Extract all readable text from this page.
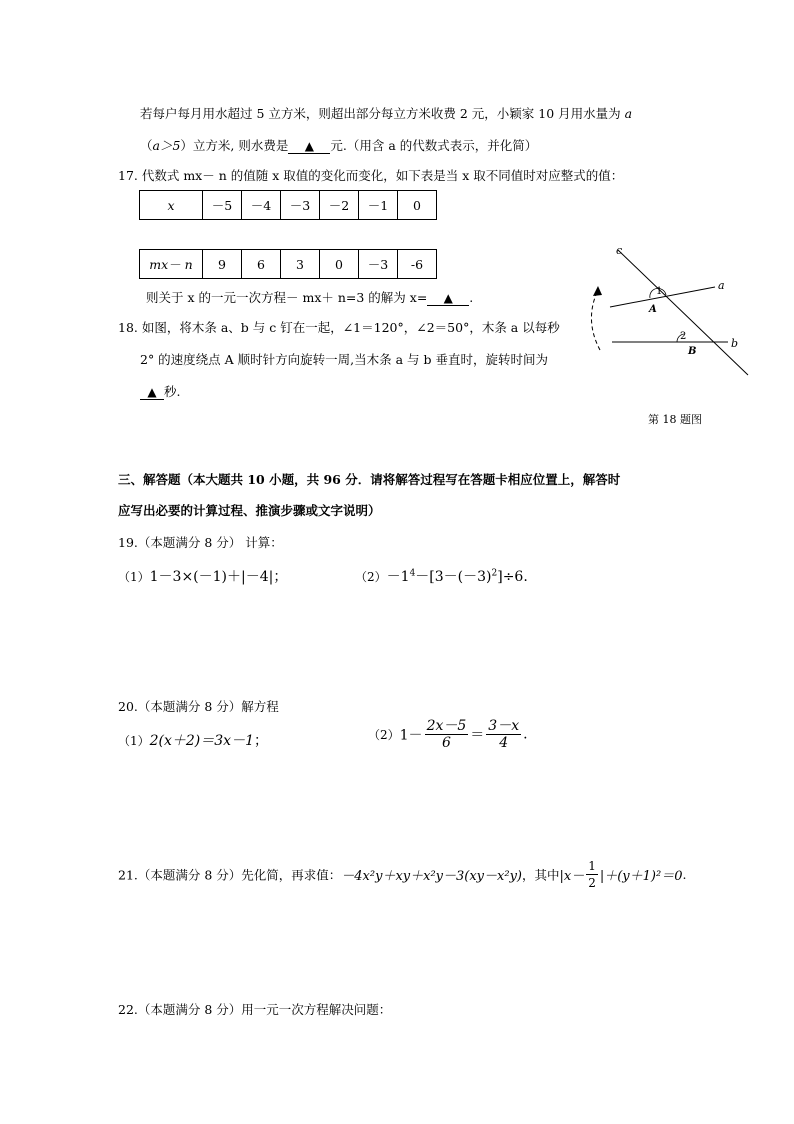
若每户每月用水超过 5 立方米，则超出部分每立方米收费 2 元，小颖家 10 月用水量为 a
（a＞5）立方米, 则水费是 ▲ 元.（用含 a 的代数式表示，并化简）
17. 代数式 mx－ n 的值随 x 取值的变化而变化，如下表是当 x 取不同值时对应整式的值：
x	－5	－4	－3	－2	－1	0
mx－ n	9	6	3	0	－3	-6
则关于 x 的一元一次方程－ mx＋ n=3 的解为 x= ▲ .
18. 如图，将木条 a、b 与 c 钉在一起，∠1＝120°，∠2＝50°，木条 a 以每秒
2° 的速度绕点 A 顺时针方向旋转一周,当木条 a 与 b 垂直时，旋转时间为
▲ 秒.
c
a
b
1
2
A
B
第 18 题图
三、解答题（本大题共 10 小题，共 96 分．请将解答过程写在答题卡相应位置上，解答时
应写出必要的计算过程、推演步骤或文字说明）
19.（本题满分 8 分） 计算：
（1）1－3×(－1)＋|－4|；	$(2)-1^4-[3-(-3)^2]\div 6$.
20.（本题满分 8 分）解方程
（1）2(x＋2)＝3x－1；	$(2)1- \frac{2x-5}{6} = \frac{3-x}{4}$ .
21.（本题满分 8 分）先化简，再求值：－4x²y＋xy＋x²y－3(xy－x²y)，其中$|x- \frac{1}{2} |+(y+1)^2=0$.
22.（本题满分 8 分）用一元一次方程解决问题：
